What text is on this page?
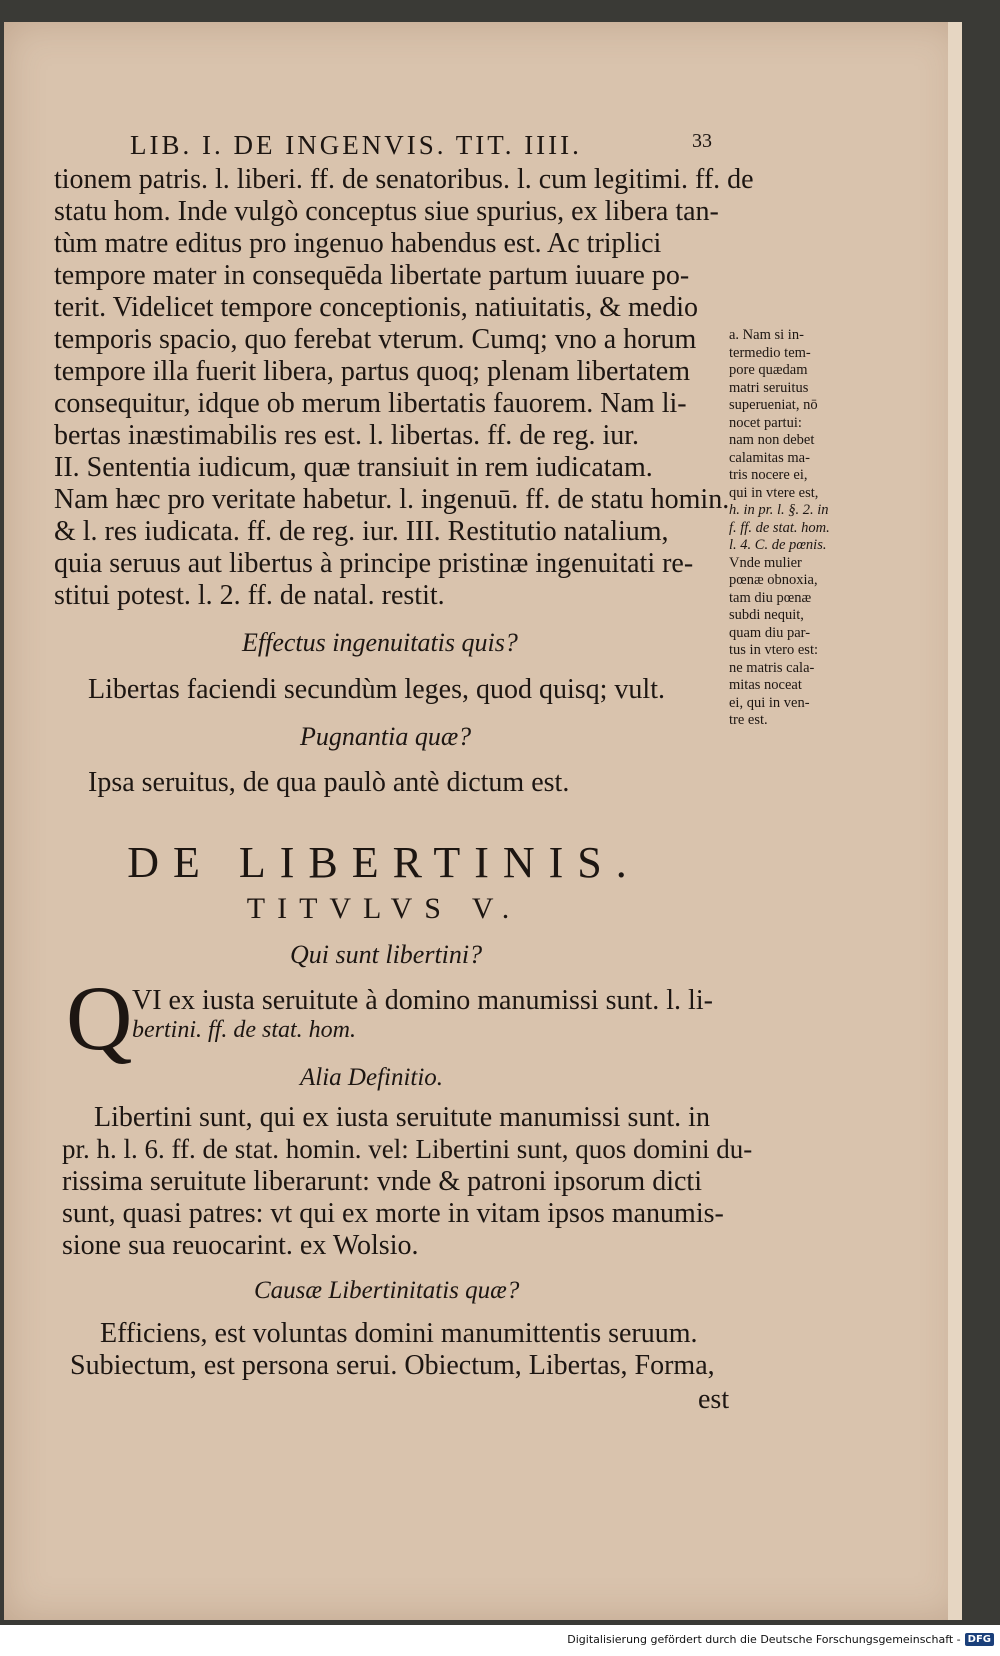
LIB. I. DE INGENVIS. TIT. IIII.	33
tionem patris. l. liberi. ff. de senatoribus. l. cum legitimi. ff. de
statu hom. Inde vulgò conceptus siue spurius, ex libera tan-
tùm matre editus pro ingenuo habendus est. Ac triplici
tempore mater in consequēda libertate partum iuuare po-
terit. Videlicet tempore conceptionis, natiuitatis, & medio
temporis spacio, quo ferebat vterum. Cumq; vno a horum
tempore illa fuerit libera, partus quoq; plenam libertatem
consequitur, idque ob merum libertatis fauorem. Nam li-
bertas inæstimabilis res est. l. libertas. ff. de reg. iur.
II. Sententia iudicum, quæ transiuit in rem iudicatam.
Nam hæc pro veritate habetur. l. ingenuū. ff. de statu homin.
& l. res iudicata. ff. de reg. iur. III. Restitutio natalium,
quia seruus aut libertus à principe pristinæ ingenuitati re-
stitui potest. l. 2. ff. de natal. restit.
Effectus ingenuitatis quis?
Libertas faciendi secundùm leges, quod quisq; vult.
Pugnantia quæ?
Ipsa seruitus, de qua paulò antè dictum est.
DE LIBERTINIS.
TITVLVS V.
Qui sunt libertini?
Q VI ex iusta seruitute à domino manumissi sunt. l. li-
bertini. ff. de stat. hom.
Alia Definitio.
Libertini sunt, qui ex iusta seruitute manumissi sunt. in
pr. h. l. 6. ff. de stat. homin. vel: Libertini sunt, quos domini du-
rissima seruitute liberarunt: vnde & patroni ipsorum dicti
sunt, quasi patres: vt qui ex morte in vitam ipsos manumis-
sione sua reuocarint. ex Wolsio.
Causæ Libertinitatis quæ?
Efficiens, est voluntas domini manumittentis seruum.
Subiectum, est persona serui. Obiectum, Libertas, Forma,
est
a. Nam si in-
termedio tem-
pore quædam
matri seruitus
superueniat, nō
nocet partui:
nam non debet
calamitas ma-
tris nocere ei,
qui in vtere est,
h. in pr. l. §. 2. in
f. ff. de stat. hom.
l. 4. C. de pœnis.
Vnde mulier
pœnæ obnoxia,
tam diu pœnæ
subdi nequit,
quam diu par-
tus in vtero est:
ne matris cala-
mitas noceat
ei, qui in ven-
tre est.
Digitalisierung gefördert durch die Deutsche Forschungsgemeinschaft - DFG
